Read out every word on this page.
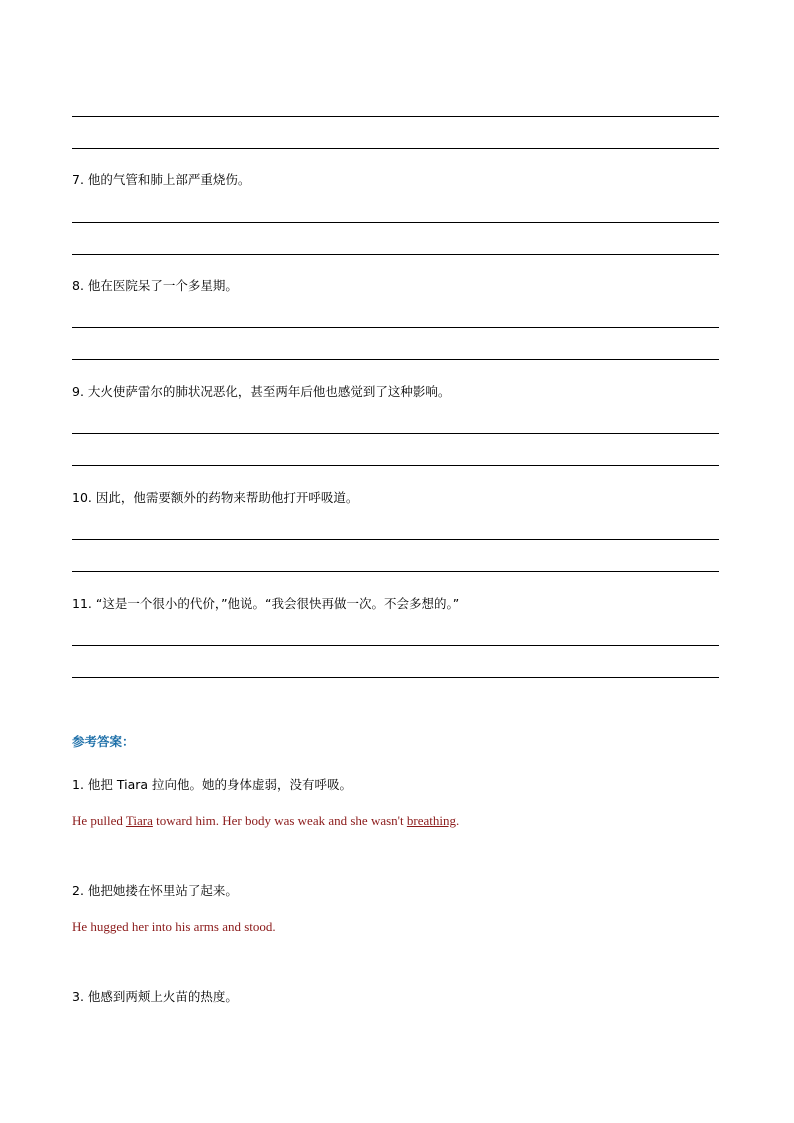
7. 他的气管和肺上部严重烧伤。
8. 他在医院呆了一个多星期。
9. 大火使萨雷尔的肺状况恶化，甚至两年后他也感觉到了这种影响。
10. 因此，他需要额外的药物来帮助他打开呼吸道。
11. “这是一个很小的代价，”他说。“我会很快再做一次。不会多想的。”
参考答案：
1. 他把 Tiara 拉向他。她的身体虚弱，没有呼吸。
He pulled Tiara toward him. Her body was weak and she wasn't breathing.
2. 他把她搂在怀里站了起来。
He hugged her into his arms and stood.
3. 他感到两颊上火苗的热度。
